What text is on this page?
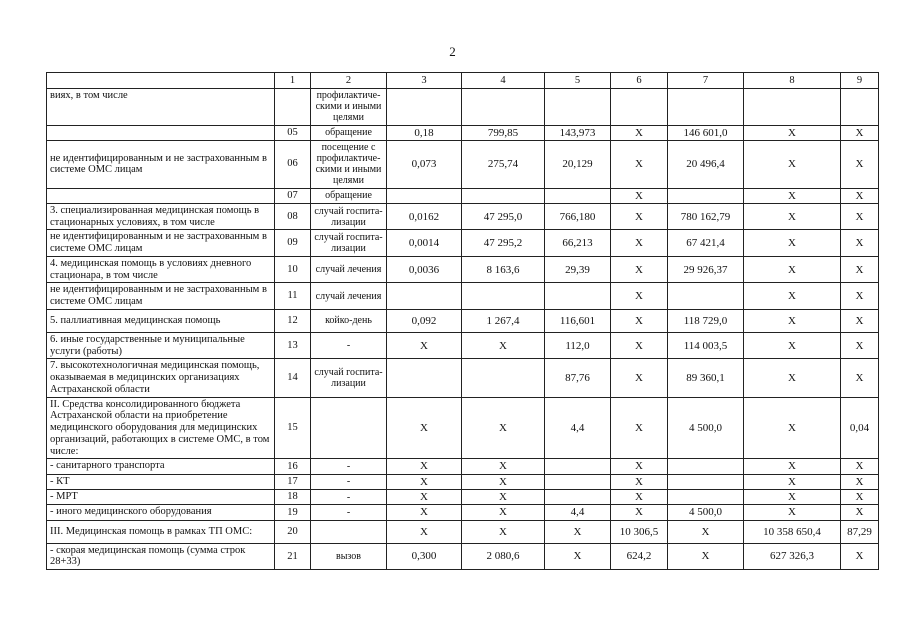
2
	1	2	3	4	5	6	7	8	9
виях, в том числе		профилактиче-скими и иными целями							
	05	обращение	0,18	799,85	143,973	Х	146 601,0	Х	Х
не идентифицированным и не застрахованным в системе ОМС лицам	06	посещение с профилактиче-скими и иными целями	0,073	275,74	20,129	Х	20 496,4	Х	Х
	07	обращение				Х		Х	Х
3. специализированная медицинская помощь в стационарных условиях, в том числе	08	случай госпита-лизации	0,0162	47 295,0	766,180	Х	780 162,79	Х	Х
не идентифицированным и не застрахованным в системе ОМС лицам	09	случай госпита-лизации	0,0014	47 295,2	66,213	Х	67 421,4	Х	Х
4. медицинская помощь в условиях дневного стационара, в том числе	10	случай лечения	0,0036	8 163,6	29,39	Х	29 926,37	Х	Х
не идентифицированным и не застрахованным в системе ОМС лицам	11	случай лечения				Х		Х	Х
5. паллиативная медицинская помощь	12	койко-день	0,092	1 267,4	116,601	Х	118 729,0	Х	Х
6. иные государственные и муниципальные услуги (работы)	13	-	Х	Х	112,0	Х	114 003,5	Х	Х
7. высокотехнологичная медицинская помощь, оказываемая в медицинских организациях Астраханской области	14	случай госпита-лизации			87,76	Х	89 360,1	Х	Х
II. Средства консолидированного бюджета Астраханской области на приобретение медицинского оборудования для медицинских организаций, работающих в системе ОМС, в том числе:	15		Х	Х	4,4	Х	4 500,0	Х	0,04
- санитарного транспорта	16	-	Х	Х		Х		Х	Х
- КТ	17	-	Х	Х		Х		Х	Х
- МРТ	18	-	Х	Х		Х		Х	Х
- иного медицинского оборудования	19	-	Х	Х	4,4	Х	4 500,0	Х	Х
III. Медицинская помощь в рамках ТП ОМС:	20		Х	Х	Х	10 306,5	Х	10 358 650,4	87,29
- скорая медицинская помощь (сумма строк 28+33)	21	вызов	0,300	2 080,6	Х	624,2	Х	627 326,3	Х
